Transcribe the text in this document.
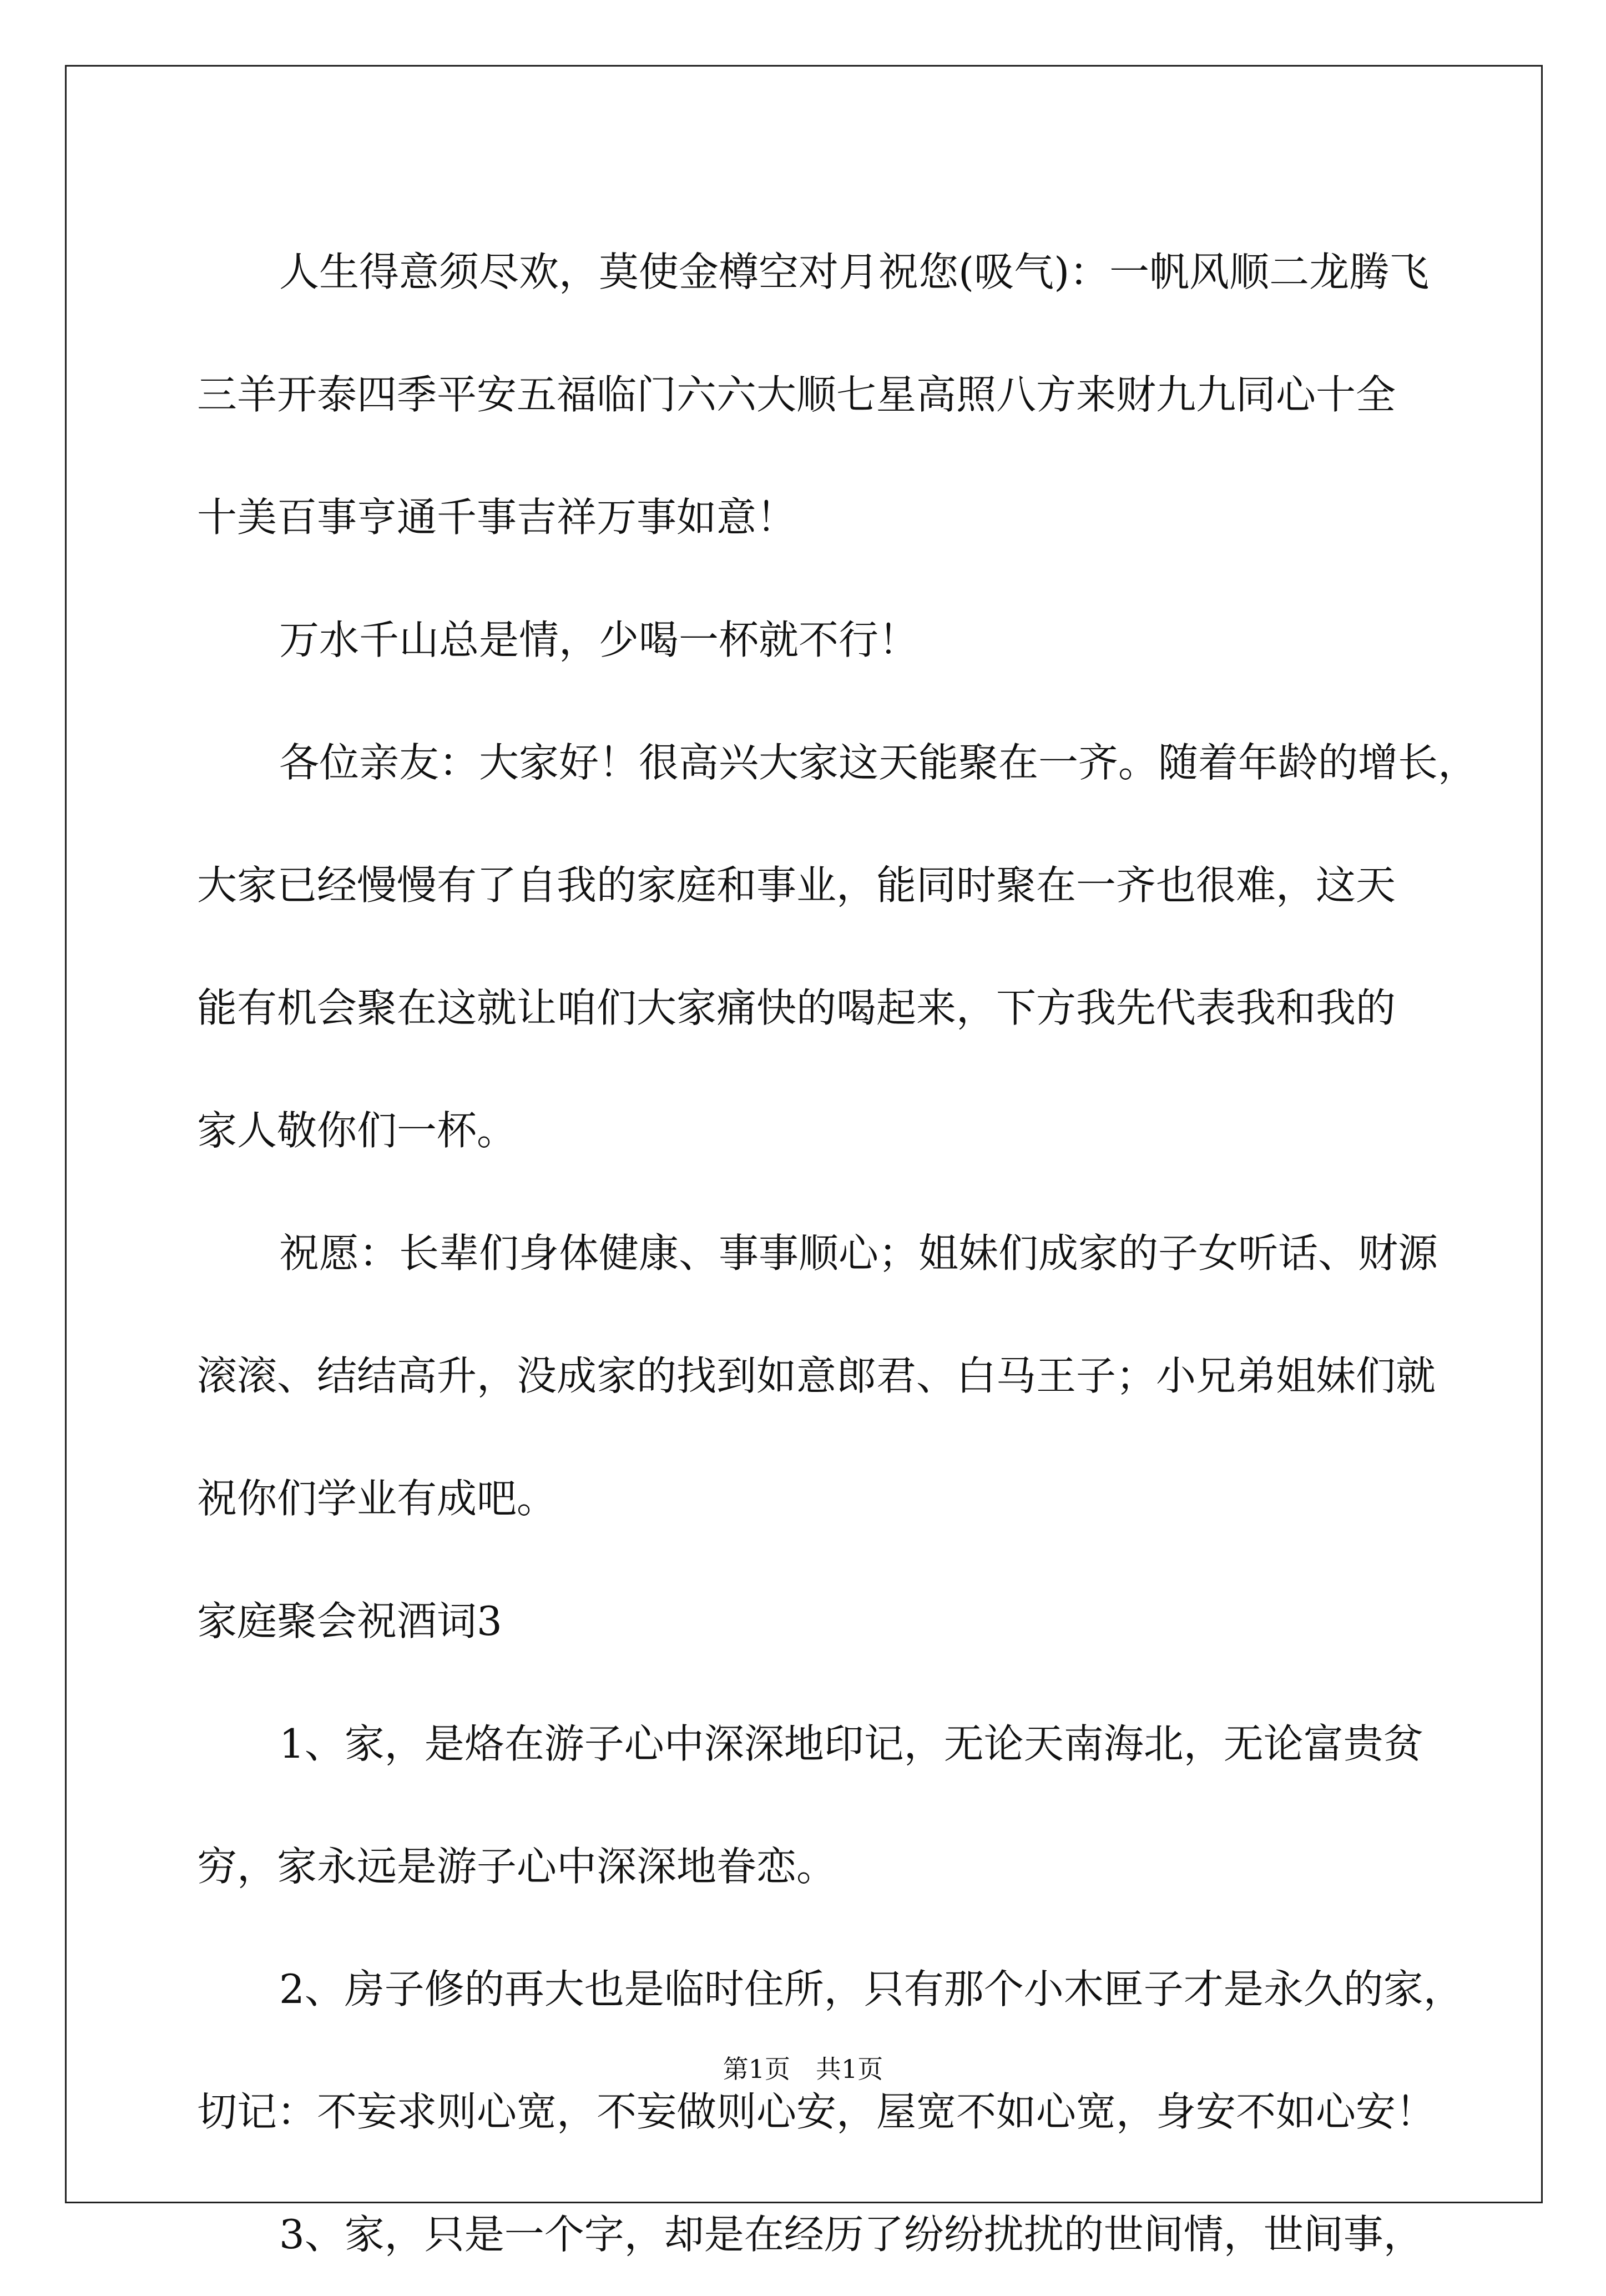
人生得意须尽欢，莫使金樽空对月祝您(吸气)：一帆风顺二龙腾飞
三羊开泰四季平安五福临门六六大顺七星高照八方来财九九同心十全
十美百事亨通千事吉祥万事如意！

万水千山总是情，少喝一杯就不行！

各位亲友：大家好！很高兴大家这天能聚在一齐。随着年龄的增长，
大家已经慢慢有了自我的家庭和事业，能同时聚在一齐也很难，这天
能有机会聚在这就让咱们大家痛快的喝起来，下方我先代表我和我的
家人敬你们一杯。

祝愿：长辈们身体健康、事事顺心；姐妹们成家的子女听话、财源
滚滚、结结高升，没成家的找到如意郎君、白马王子；小兄弟姐妹们就
祝你们学业有成吧。

家庭聚会祝酒词3

1、家，是烙在游子心中深深地印记，无论天南海北，无论富贵贫
穷，家永远是游子心中深深地眷恋。

2、房子修的再大也是临时住所，只有那个小木匣子才是永久的家，
切记：不妄求则心宽，不妄做则心安，屋宽不如心宽，身安不如心安！

3、家，只是一个字，却是在经历了纷纷扰扰的世间情，世间事，

第1页　共1页
